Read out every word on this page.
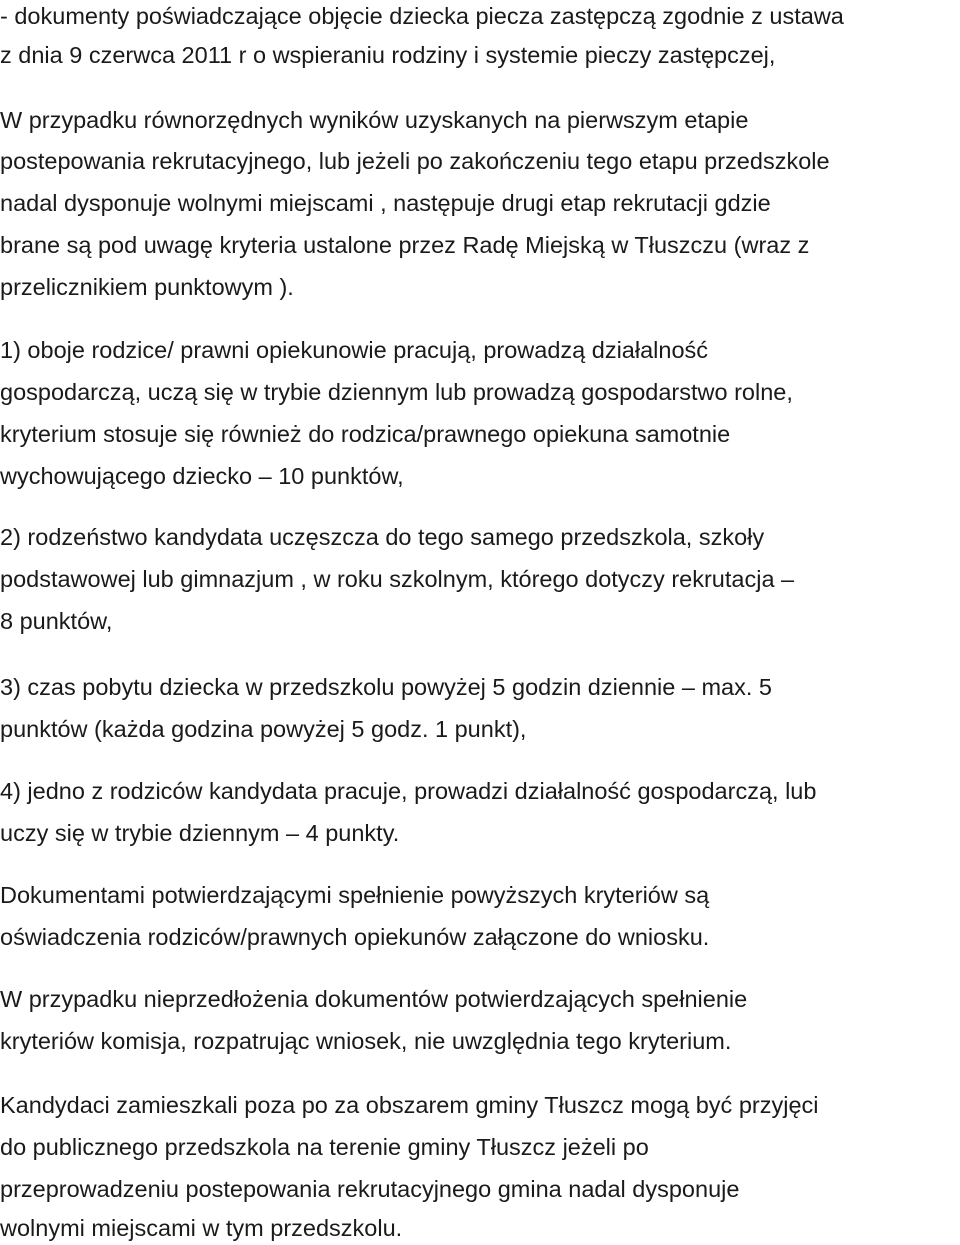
- dokumenty poświadczające objęcie dziecka piecza zastępczą zgodnie z ustawa
z dnia 9 czerwca 2011 r o wspieraniu rodziny i systemie pieczy zastępczej,
W przypadku równorzędnych wyników uzyskanych na pierwszym etapie
postepowania rekrutacyjnego, lub jeżeli po zakończeniu tego etapu przedszkole
nadal dysponuje wolnymi miejscami , następuje drugi etap rekrutacji gdzie
brane są pod uwagę kryteria ustalone przez Radę Miejską w Tłuszczu (wraz z
przelicznikiem punktowym ).
1) oboje rodzice/ prawni opiekunowie pracują, prowadzą działalność
gospodarczą, uczą się w trybie dziennym lub prowadzą gospodarstwo rolne,
kryterium stosuje się również do rodzica/prawnego opiekuna samotnie
wychowującego dziecko – 10 punktów,
2) rodzeństwo kandydata uczęszcza do tego samego przedszkola, szkoły
podstawowej lub gimnazjum , w roku szkolnym, którego dotyczy rekrutacja –
8 punktów,
3) czas pobytu dziecka w przedszkolu powyżej 5 godzin dziennie – max. 5
punktów (każda godzina powyżej 5 godz. 1 punkt),
4) jedno z rodziców kandydata pracuje, prowadzi działalność gospodarczą, lub
uczy się w trybie dziennym – 4 punkty.
Dokumentami potwierdzającymi spełnienie powyższych kryteriów są
oświadczenia rodziców/prawnych opiekunów załączone do wniosku.
W przypadku nieprzedłożenia dokumentów potwierdzających spełnienie
kryteriów komisja, rozpatrując wniosek, nie uwzględnia tego kryterium.
Kandydaci zamieszkali poza po za obszarem gminy Tłuszcz mogą być przyjęci
do publicznego przedszkola na terenie gminy Tłuszcz jeżeli po
przeprowadzeniu postepowania rekrutacyjnego gmina nadal dysponuje
wolnymi miejscami w tym przedszkolu.
